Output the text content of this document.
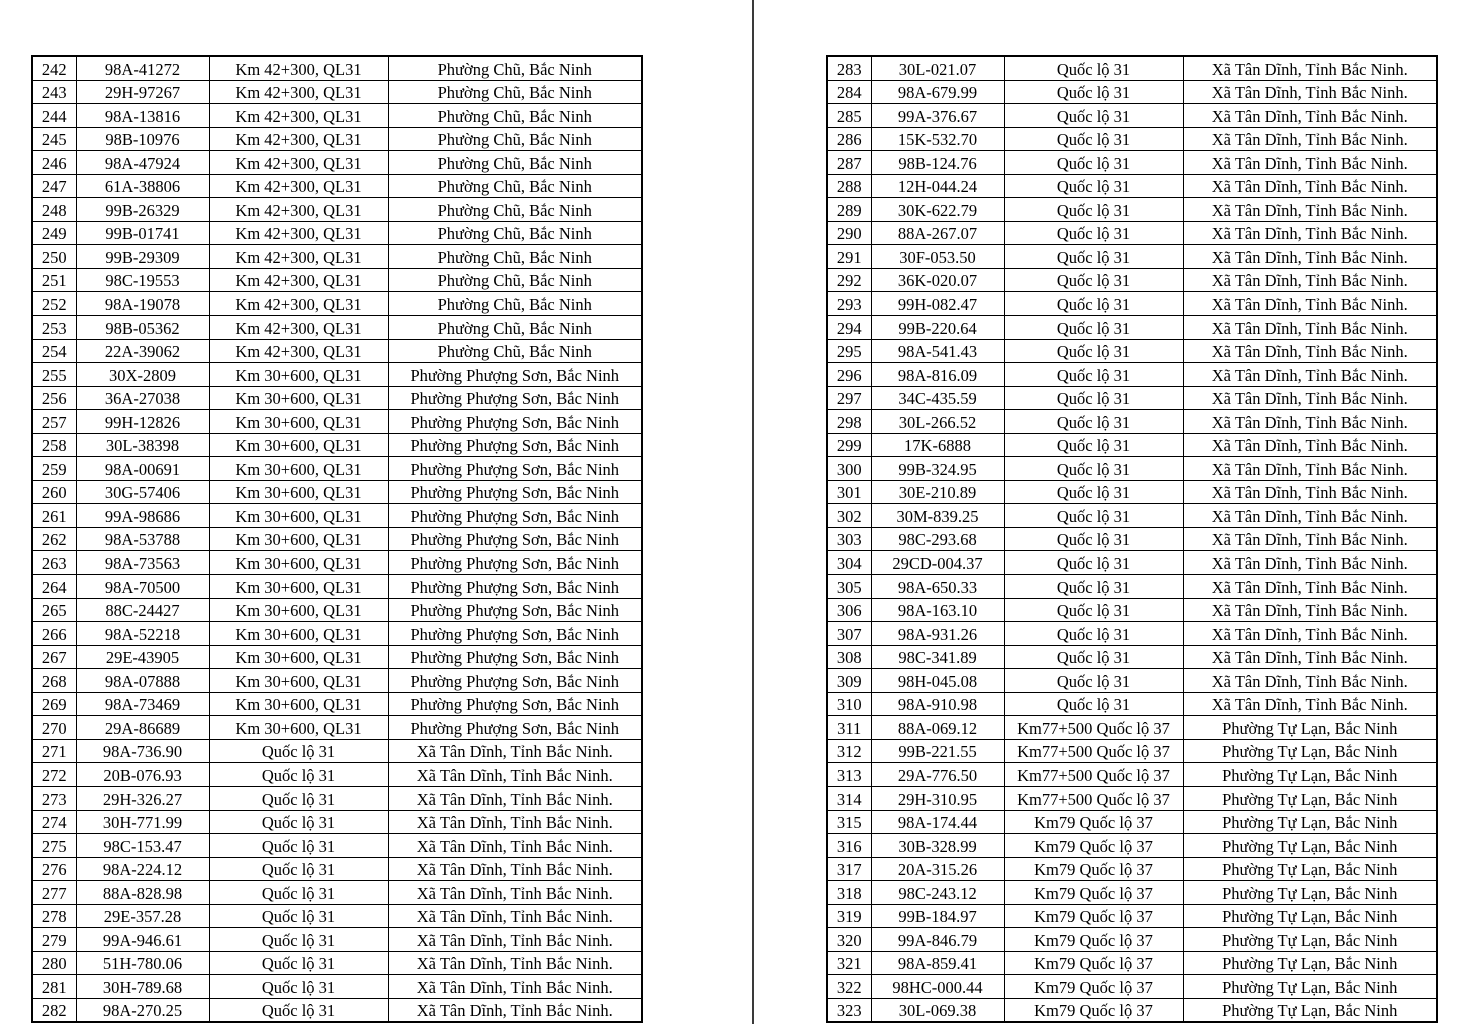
242	98A-41272	Km 42+300, QL31	Phường Chũ, Bắc Ninh
243	29H-97267	Km 42+300, QL31	Phường Chũ, Bắc Ninh
244	98A-13816	Km 42+300, QL31	Phường Chũ, Bắc Ninh
245	98B-10976	Km 42+300, QL31	Phường Chũ, Bắc Ninh
246	98A-47924	Km 42+300, QL31	Phường Chũ, Bắc Ninh
247	61A-38806	Km 42+300, QL31	Phường Chũ, Bắc Ninh
248	99B-26329	Km 42+300, QL31	Phường Chũ, Bắc Ninh
249	99B-01741	Km 42+300, QL31	Phường Chũ, Bắc Ninh
250	99B-29309	Km 42+300, QL31	Phường Chũ, Bắc Ninh
251	98C-19553	Km 42+300, QL31	Phường Chũ, Bắc Ninh
252	98A-19078	Km 42+300, QL31	Phường Chũ, Bắc Ninh
253	98B-05362	Km 42+300, QL31	Phường Chũ, Bắc Ninh
254	22A-39062	Km 42+300, QL31	Phường Chũ, Bắc Ninh
255	30X-2809	Km 30+600, QL31	Phường Phượng Sơn, Bắc Ninh
256	36A-27038	Km 30+600, QL31	Phường Phượng Sơn, Bắc Ninh
257	99H-12826	Km 30+600, QL31	Phường Phượng Sơn, Bắc Ninh
258	30L-38398	Km 30+600, QL31	Phường Phượng Sơn, Bắc Ninh
259	98A-00691	Km 30+600, QL31	Phường Phượng Sơn, Bắc Ninh
260	30G-57406	Km 30+600, QL31	Phường Phượng Sơn, Bắc Ninh
261	99A-98686	Km 30+600, QL31	Phường Phượng Sơn, Bắc Ninh
262	98A-53788	Km 30+600, QL31	Phường Phượng Sơn, Bắc Ninh
263	98A-73563	Km 30+600, QL31	Phường Phượng Sơn, Bắc Ninh
264	98A-70500	Km 30+600, QL31	Phường Phượng Sơn, Bắc Ninh
265	88C-24427	Km 30+600, QL31	Phường Phượng Sơn, Bắc Ninh
266	98A-52218	Km 30+600, QL31	Phường Phượng Sơn, Bắc Ninh
267	29E-43905	Km 30+600, QL31	Phường Phượng Sơn, Bắc Ninh
268	98A-07888	Km 30+600, QL31	Phường Phượng Sơn, Bắc Ninh
269	98A-73469	Km 30+600, QL31	Phường Phượng Sơn, Bắc Ninh
270	29A-86689	Km 30+600, QL31	Phường Phượng Sơn, Bắc Ninh
271	98A-736.90	Quốc lộ 31	Xã Tân Dĩnh, Tỉnh Bắc Ninh.
272	20B-076.93	Quốc lộ 31	Xã Tân Dĩnh, Tỉnh Bắc Ninh.
273	29H-326.27	Quốc lộ 31	Xã Tân Dĩnh, Tỉnh Bắc Ninh.
274	30H-771.99	Quốc lộ 31	Xã Tân Dĩnh, Tỉnh Bắc Ninh.
275	98C-153.47	Quốc lộ 31	Xã Tân Dĩnh, Tỉnh Bắc Ninh.
276	98A-224.12	Quốc lộ 31	Xã Tân Dĩnh, Tỉnh Bắc Ninh.
277	88A-828.98	Quốc lộ 31	Xã Tân Dĩnh, Tỉnh Bắc Ninh.
278	29E-357.28	Quốc lộ 31	Xã Tân Dĩnh, Tỉnh Bắc Ninh.
279	99A-946.61	Quốc lộ 31	Xã Tân Dĩnh, Tỉnh Bắc Ninh.
280	51H-780.06	Quốc lộ 31	Xã Tân Dĩnh, Tỉnh Bắc Ninh.
281	30H-789.68	Quốc lộ 31	Xã Tân Dĩnh, Tỉnh Bắc Ninh.
282	98A-270.25	Quốc lộ 31	Xã Tân Dĩnh, Tỉnh Bắc Ninh.
283	30L-021.07	Quốc lộ 31	Xã Tân Dĩnh, Tỉnh Bắc Ninh.
284	98A-679.99	Quốc lộ 31	Xã Tân Dĩnh, Tỉnh Bắc Ninh.
285	99A-376.67	Quốc lộ 31	Xã Tân Dĩnh, Tỉnh Bắc Ninh.
286	15K-532.70	Quốc lộ 31	Xã Tân Dĩnh, Tỉnh Bắc Ninh.
287	98B-124.76	Quốc lộ 31	Xã Tân Dĩnh, Tỉnh Bắc Ninh.
288	12H-044.24	Quốc lộ 31	Xã Tân Dĩnh, Tỉnh Bắc Ninh.
289	30K-622.79	Quốc lộ 31	Xã Tân Dĩnh, Tỉnh Bắc Ninh.
290	88A-267.07	Quốc lộ 31	Xã Tân Dĩnh, Tỉnh Bắc Ninh.
291	30F-053.50	Quốc lộ 31	Xã Tân Dĩnh, Tỉnh Bắc Ninh.
292	36K-020.07	Quốc lộ 31	Xã Tân Dĩnh, Tỉnh Bắc Ninh.
293	99H-082.47	Quốc lộ 31	Xã Tân Dĩnh, Tỉnh Bắc Ninh.
294	99B-220.64	Quốc lộ 31	Xã Tân Dĩnh, Tỉnh Bắc Ninh.
295	98A-541.43	Quốc lộ 31	Xã Tân Dĩnh, Tỉnh Bắc Ninh.
296	98A-816.09	Quốc lộ 31	Xã Tân Dĩnh, Tỉnh Bắc Ninh.
297	34C-435.59	Quốc lộ 31	Xã Tân Dĩnh, Tỉnh Bắc Ninh.
298	30L-266.52	Quốc lộ 31	Xã Tân Dĩnh, Tỉnh Bắc Ninh.
299	17K-6888	Quốc lộ 31	Xã Tân Dĩnh, Tỉnh Bắc Ninh.
300	99B-324.95	Quốc lộ 31	Xã Tân Dĩnh, Tỉnh Bắc Ninh.
301	30E-210.89	Quốc lộ 31	Xã Tân Dĩnh, Tỉnh Bắc Ninh.
302	30M-839.25	Quốc lộ 31	Xã Tân Dĩnh, Tỉnh Bắc Ninh.
303	98C-293.68	Quốc lộ 31	Xã Tân Dĩnh, Tỉnh Bắc Ninh.
304	29CD-004.37	Quốc lộ 31	Xã Tân Dĩnh, Tỉnh Bắc Ninh.
305	98A-650.33	Quốc lộ 31	Xã Tân Dĩnh, Tỉnh Bắc Ninh.
306	98A-163.10	Quốc lộ 31	Xã Tân Dĩnh, Tỉnh Bắc Ninh.
307	98A-931.26	Quốc lộ 31	Xã Tân Dĩnh, Tỉnh Bắc Ninh.
308	98C-341.89	Quốc lộ 31	Xã Tân Dĩnh, Tỉnh Bắc Ninh.
309	98H-045.08	Quốc lộ 31	Xã Tân Dĩnh, Tỉnh Bắc Ninh.
310	98A-910.98	Quốc lộ 31	Xã Tân Dĩnh, Tỉnh Bắc Ninh.
311	88A-069.12	Km77+500 Quốc lộ 37	Phường Tự Lạn, Bắc Ninh
312	99B-221.55	Km77+500 Quốc lộ 37	Phường Tự Lạn, Bắc Ninh
313	29A-776.50	Km77+500 Quốc lộ 37	Phường Tự Lạn, Bắc Ninh
314	29H-310.95	Km77+500 Quốc lộ 37	Phường Tự Lạn, Bắc Ninh
315	98A-174.44	Km79 Quốc lộ 37	Phường Tự Lạn, Bắc Ninh
316	30B-328.99	Km79 Quốc lộ 37	Phường Tự Lạn, Bắc Ninh
317	20A-315.26	Km79 Quốc lộ 37	Phường Tự Lạn, Bắc Ninh
318	98C-243.12	Km79 Quốc lộ 37	Phường Tự Lạn, Bắc Ninh
319	99B-184.97	Km79 Quốc lộ 37	Phường Tự Lạn, Bắc Ninh
320	99A-846.79	Km79 Quốc lộ 37	Phường Tự Lạn, Bắc Ninh
321	98A-859.41	Km79 Quốc lộ 37	Phường Tự Lạn, Bắc Ninh
322	98HC-000.44	Km79 Quốc lộ 37	Phường Tự Lạn, Bắc Ninh
323	30L-069.38	Km79 Quốc lộ 37	Phường Tự Lạn, Bắc Ninh
